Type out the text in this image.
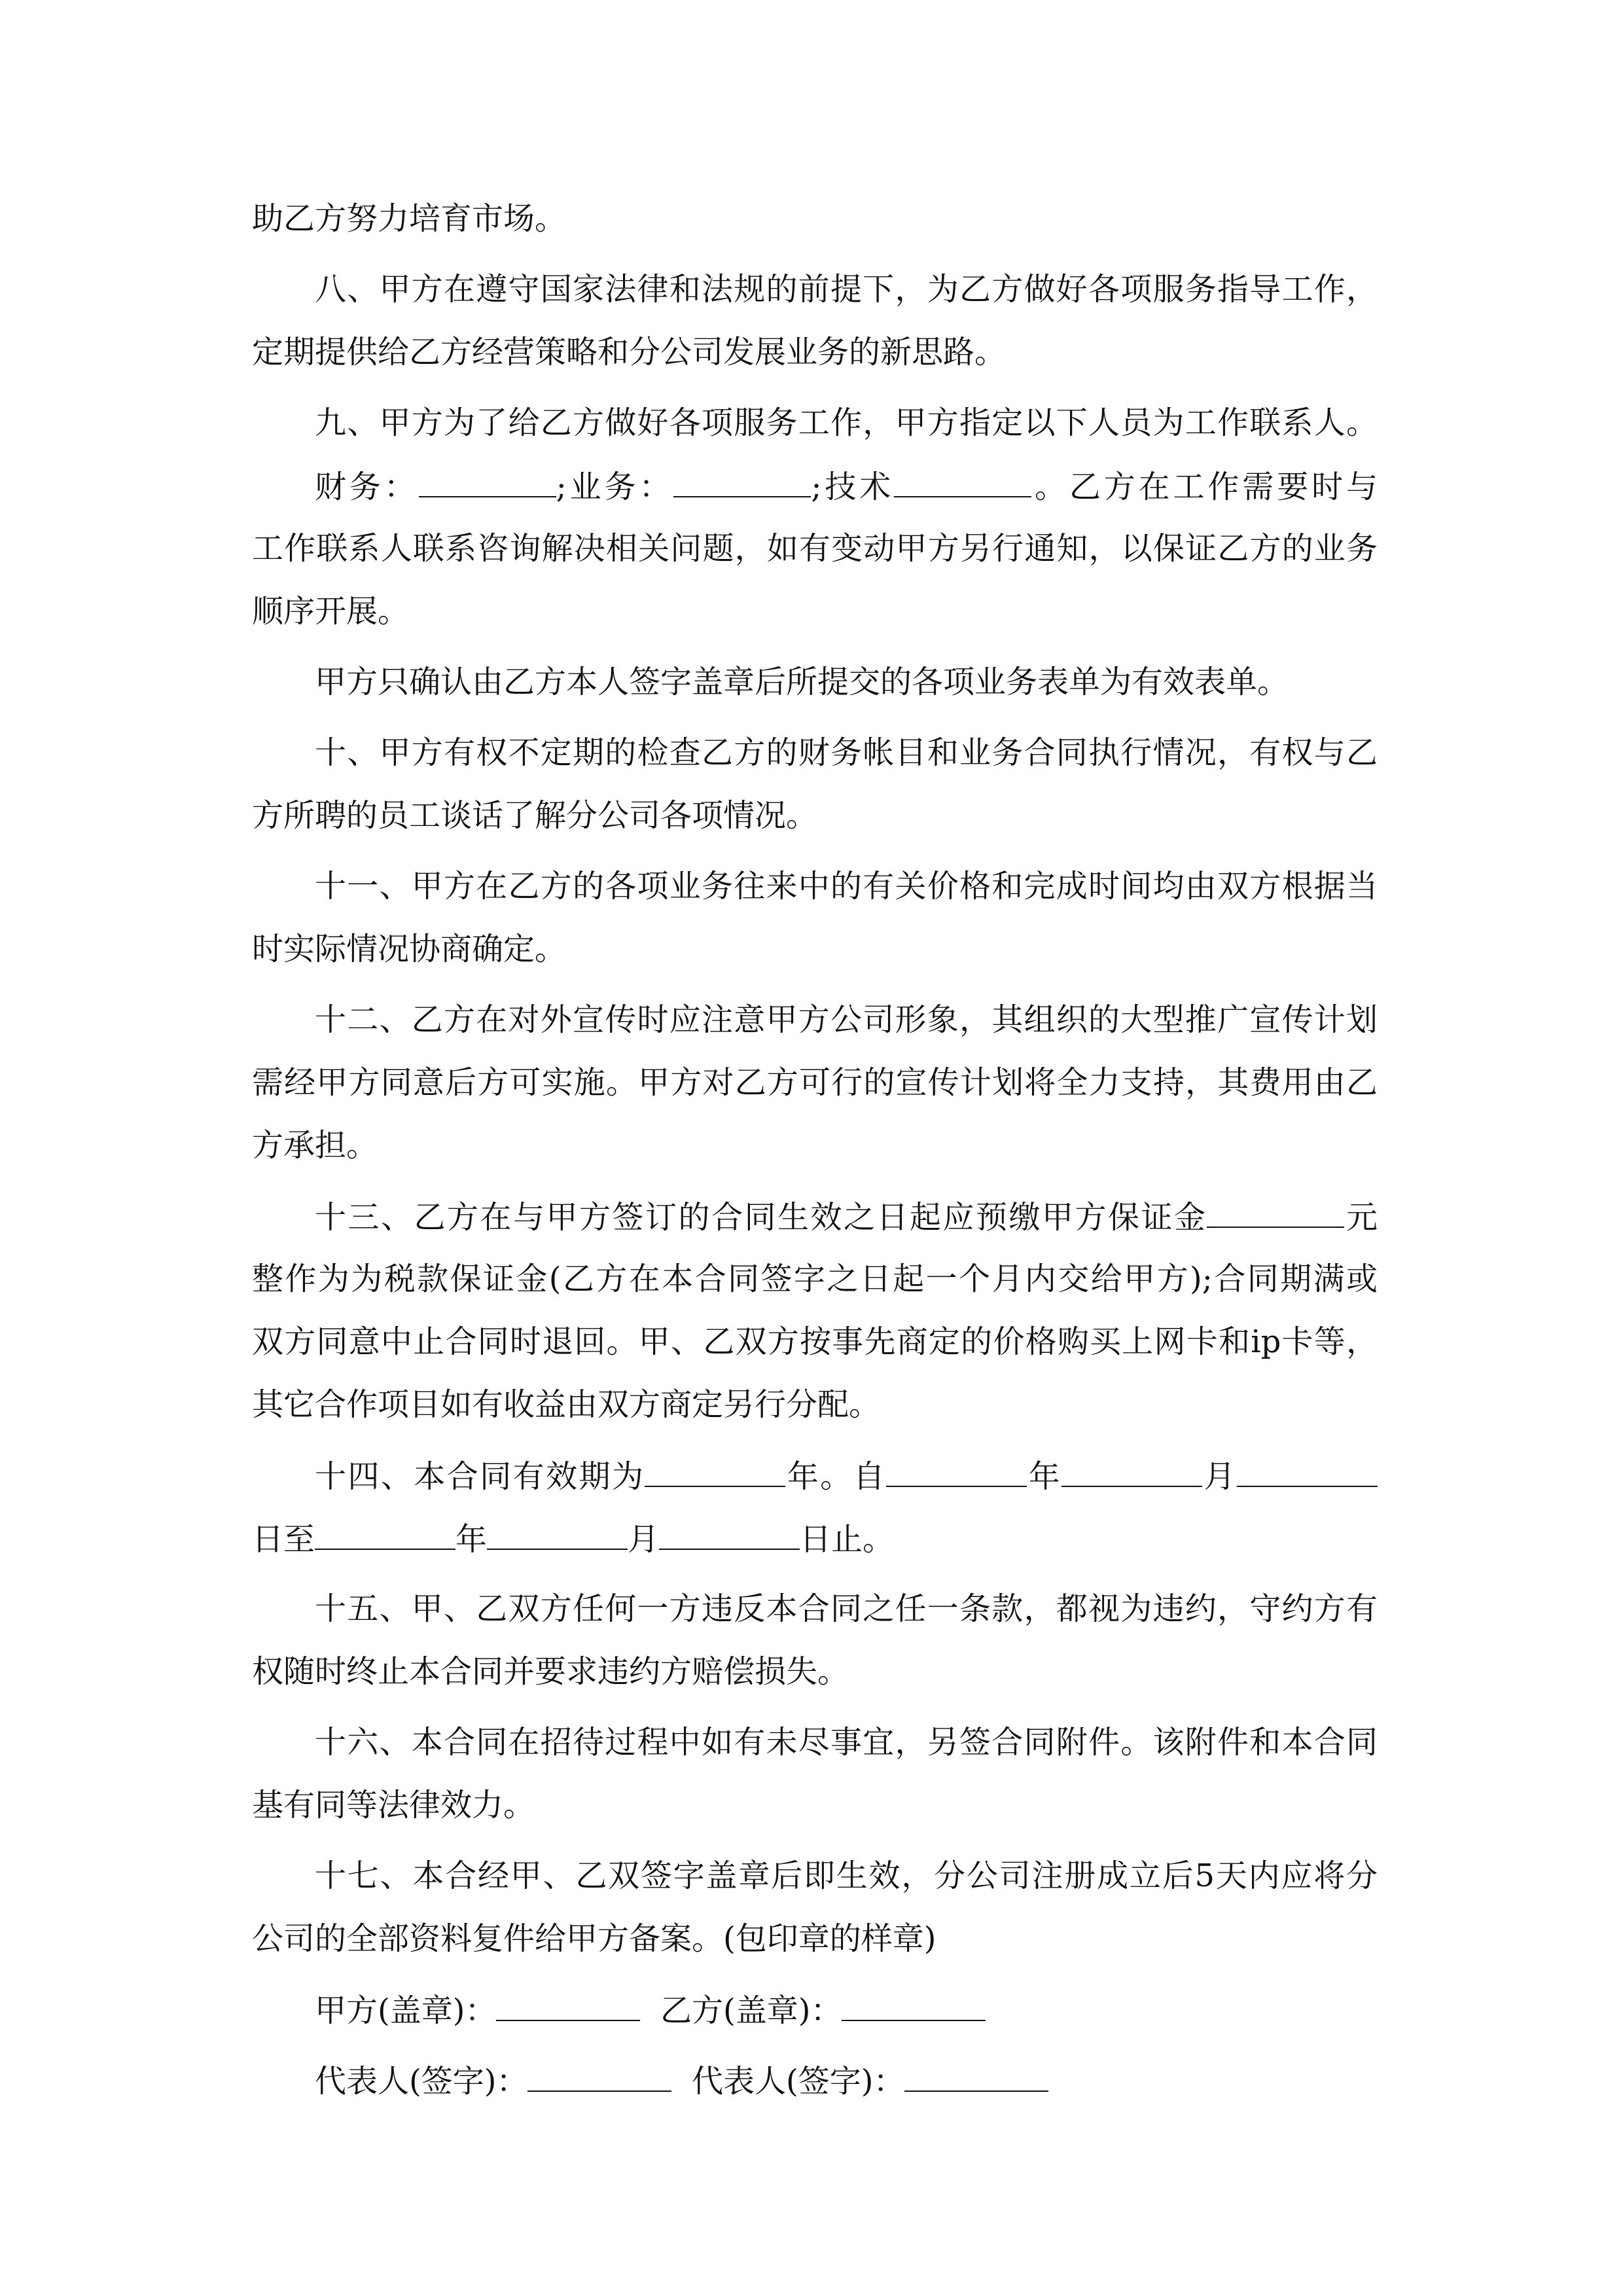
助乙方努力培育市场。
八、甲方在遵守国家法律和法规的前提下，为乙方做好各项服务指导工作，
定期提供给乙方经营策略和分公司发展业务的新思路。
九、甲方为了给乙方做好各项服务工作，甲方指定以下人员为工作联系人。
财务：	;业务：	;技术	。乙方在工作需要时与
工作联系人联系咨询解决相关问题，如有变动甲方另行通知，以保证乙方的业务
顺序开展。
甲方只确认由乙方本人签字盖章后所提交的各项业务表单为有效表单。
十、甲方有权不定期的检查乙方的财务帐目和业务合同执行情况，有权与乙
方所聘的员工谈话了解分公司各项情况。
十一、甲方在乙方的各项业务往来中的有关价格和完成时间均由双方根据当
时实际情况协商确定。
十二、乙方在对外宣传时应注意甲方公司形象，其组织的大型推广宣传计划
需经甲方同意后方可实施。甲方对乙方可行的宣传计划将全力支持，其费用由乙
方承担。
十三、乙方在与甲方签订的合同生效之日起应预缴甲方保证金	元
整作为为税款保证金(乙方在本合同签字之日起一个月内交给甲方);合同期满或
双方同意中止合同时退回。甲、乙双方按事先商定的价格购买上网卡和ip卡等，
其它合作项目如有收益由双方商定另行分配。
十四、本合同有效期为	年。自	年	月
日至	年	月	日止。
十五、甲、乙双方任何一方违反本合同之任一条款，都视为违约，守约方有
权随时终止本合同并要求违约方赔偿损失。
十六、本合同在招待过程中如有未尽事宜，另签合同附件。该附件和本合同
基有同等法律效力。
十七、本合经甲、乙双签字盖章后即生效，分公司注册成立后5天内应将分
公司的全部资料复件给甲方备案。(包印章的样章)
甲方(盖章)：	乙方(盖章)：
代表人(签字)：	代表人(签字)：
